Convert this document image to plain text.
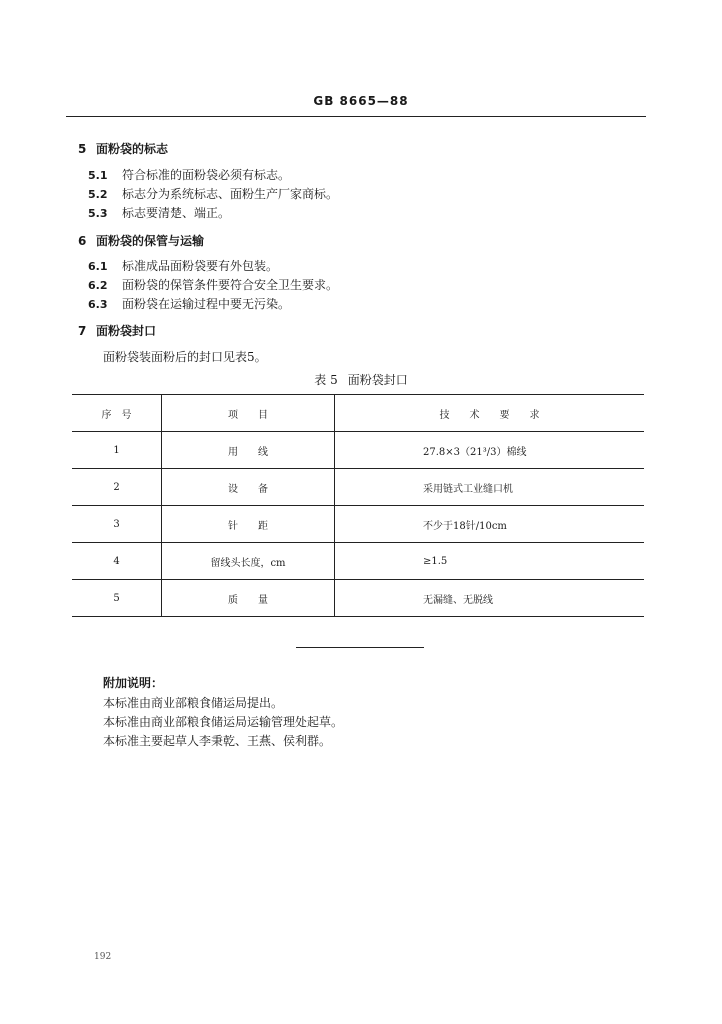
GB 8665—88
5 面粉袋的标志
5.1 符合标准的面粉袋必须有标志。
5.2 标志分为系统标志、面粉生产厂家商标。
5.3 标志要清楚、端正。
6 面粉袋的保管与运输
6.1 标准成品面粉袋要有外包装。
6.2 面粉袋的保管条件要符合安全卫生要求。
6.3 面粉袋在运输过程中要无污染。
7 面粉袋封口
面粉袋装面粉后的封口见表5。
表 5 面粉袋封口
序　号	项　　目	技　　术　　要　　求
1	用　　线	27.8×3（21³/3）棉线
2	设　　备	采用链式工业缝口机
3	针　　距	不少于18针/10cm
4	留线头长度，cm	≥1.5
5	质　　量	无漏缝、无脱线
附加说明：
本标准由商业部粮食储运局提出。
本标准由商业部粮食储运局运输管理处起草。
本标准主要起草人李秉乾、王燕、侯利群。
192
